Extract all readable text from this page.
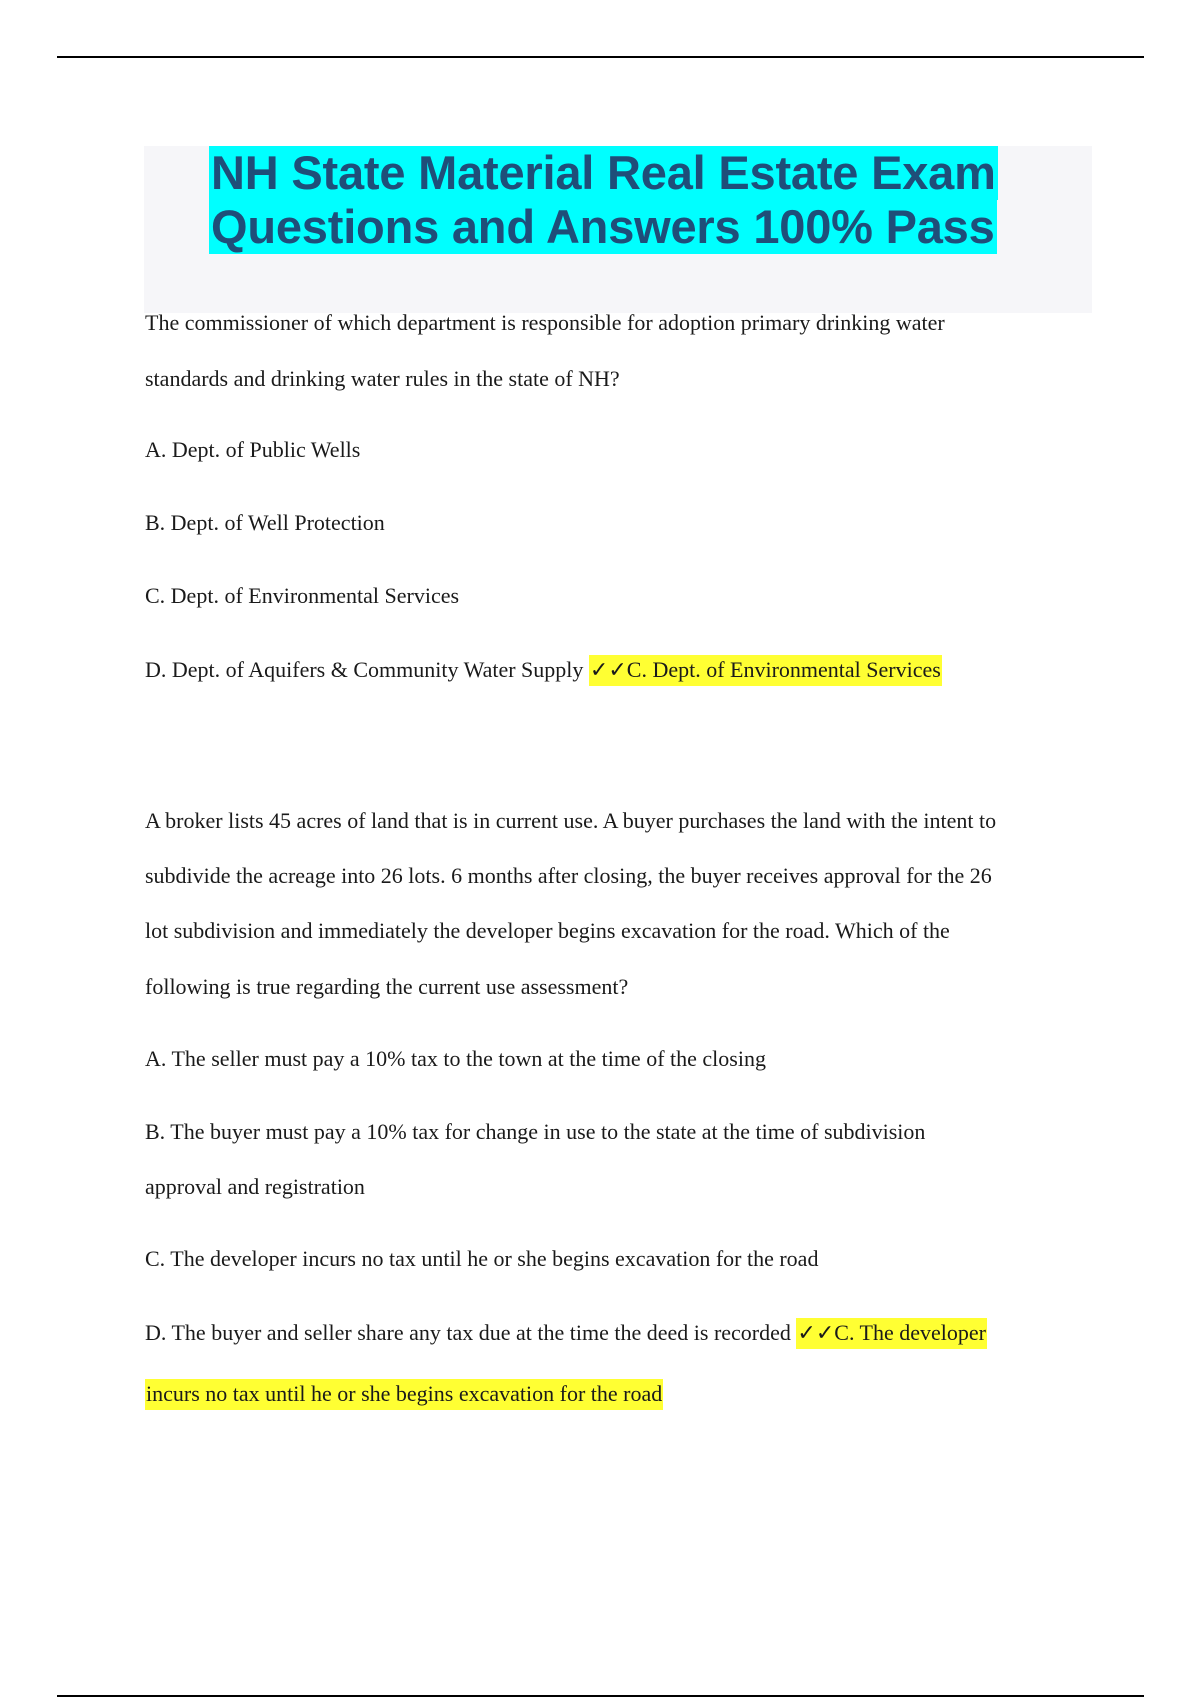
NH State Material Real Estate Exam
Questions and Answers 100% Pass

The commissioner of which department is responsible for adoption primary drinking water

standards and drinking water rules in the state of NH?

A. Dept. of Public Wells

B. Dept. of Well Protection

C. Dept. of Environmental Services

D. Dept. of Aquifers & Community Water Supply ✓✓C. Dept. of Environmental Services

A broker lists 45 acres of land that is in current use. A buyer purchases the land with the intent to

subdivide the acreage into 26 lots. 6 months after closing, the buyer receives approval for the 26

lot subdivision and immediately the developer begins excavation for the road. Which of the

following is true regarding the current use assessment?

A. The seller must pay a 10% tax to the town at the time of the closing

B. The buyer must pay a 10% tax for change in use to the state at the time of subdivision

approval and registration

C. The developer incurs no tax until he or she begins excavation for the road

D. The buyer and seller share any tax due at the time the deed is recorded ✓✓C. The developer

incurs no tax until he or she begins excavation for the road
